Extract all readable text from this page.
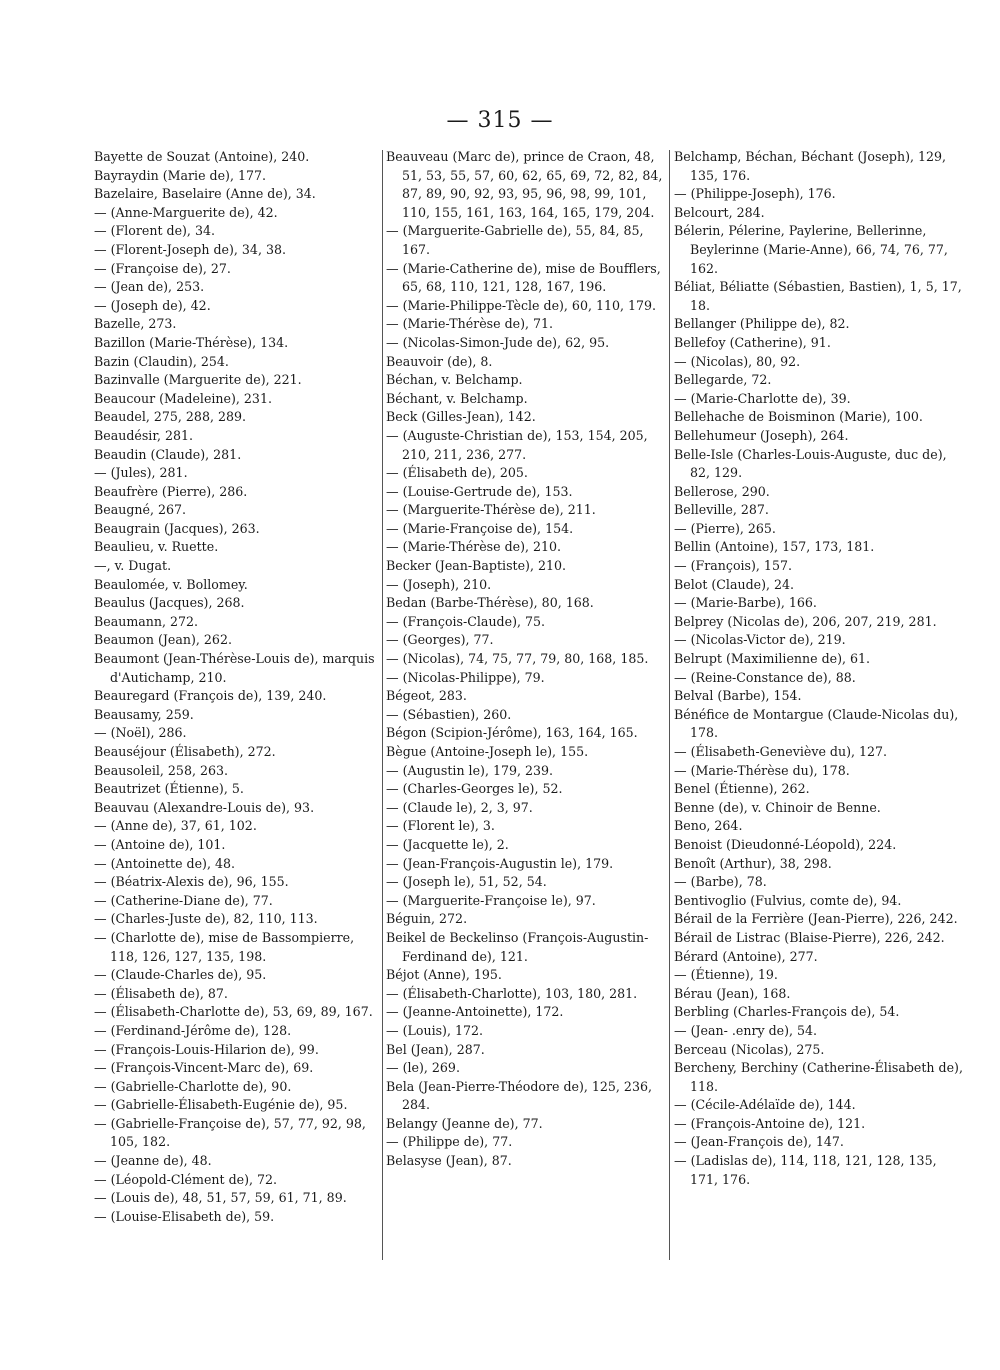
— 315 —

Bayette de Souzat (Antoine), 240.

Bayraydin (Marie de), 177.

Bazelaire, Baselaire (Anne de), 34.

— (Anne-Marguerite de), 42.

— (Florent de), 34.

— (Florent-Joseph de), 34, 38.

— (Françoise de), 27.

— (Jean de), 253.

— (Joseph de), 42.

Bazelle, 273.

Bazillon (Marie-Thérèse), 134.

Bazin (Claudin), 254.

Bazinvalle (Marguerite de), 221.

Beaucour (Madeleine), 231.

Beaudel, 275, 288, 289.

Beaudésir, 281.

Beaudin (Claude), 281.

— (Jules), 281.

Beaufrère (Pierre), 286.

Beaugné, 267.

Beaugrain (Jacques), 263.

Beaulieu, v. Ruette.

—, v. Dugat.

Beaulomée, v. Bollomey.

Beaulus (Jacques), 268.

Beaumann, 272.

Beaumon (Jean), 262.

Beaumont (Jean-Thérèse-Louis de), marquis d'Autichamp, 210.

Beauregard (François de), 139, 240.

Beausamy, 259.

— (Noël), 286.

Beauséjour (Élisabeth), 272.

Beausoleil, 258, 263.

Beautrizet (Étienne), 5.

Beauvau (Alexandre-Louis de), 93.

— (Anne de), 37, 61, 102.

— (Antoine de), 101.

— (Antoinette de), 48.

— (Béatrix-Alexis de), 96, 155.

— (Catherine-Diane de), 77.

— (Charles-Juste de), 82, 110, 113.

— (Charlotte de), mise de Bassompierre, 118, 126, 127, 135, 198.

— (Claude-Charles de), 95.

— (Élisabeth de), 87.

— (Élisabeth-Charlotte de), 53, 69, 89, 167.

— (Ferdinand-Jérôme de), 128.

— (François-Louis-Hilarion de), 99.

— (François-Vincent-Marc de), 69.

— (Gabrielle-Charlotte de), 90.

— (Gabrielle-Élisabeth-Eugénie de), 95.

— (Gabrielle-Françoise de), 57, 77, 92, 98, 105, 182.

— (Jeanne de), 48.

— (Léopold-Clément de), 72.

— (Louis de), 48, 51, 57, 59, 61, 71, 89.

— (Louise-Elisabeth de), 59.

Beauveau (Marc de), prince de Craon, 48, 51, 53, 55, 57, 60, 62, 65, 69, 72, 82, 84, 87, 89, 90, 92, 93, 95, 96, 98, 99, 101, 110, 155, 161, 163, 164, 165, 179, 204.

— (Marguerite-Gabrielle de), 55, 84, 85, 167.

— (Marie-Catherine de), mise de Boufflers, 65, 68, 110, 121, 128, 167, 196.

— (Marie-Philippe-Tècle de), 60, 110, 179.

— (Marie-Thérèse de), 71.

— (Nicolas-Simon-Jude de), 62, 95.

Beauvoir (de), 8.

Béchan, v. Belchamp.

Béchant, v. Belchamp.

Beck (Gilles-Jean), 142.

— (Auguste-Christian de), 153, 154, 205, 210, 211, 236, 277.

— (Élisabeth de), 205.

— (Louise-Gertrude de), 153.

— (Marguerite-Thérèse de), 211.

— (Marie-Françoise de), 154.

— (Marie-Thérèse de), 210.

Becker (Jean-Baptiste), 210.

— (Joseph), 210.

Bedan (Barbe-Thérèse), 80, 168.

— (François-Claude), 75.

— (Georges), 77.

— (Nicolas), 74, 75, 77, 79, 80, 168, 185.

— (Nicolas-Philippe), 79.

Bégeot, 283.

— (Sébastien), 260.

Bégon (Scipion-Jérôme), 163, 164, 165.

Bègue (Antoine-Joseph le), 155.

— (Augustin le), 179, 239.

— (Charles-Georges le), 52.

— (Claude le), 2, 3, 97.

— (Florent le), 3.

— (Jacquette le), 2.

— (Jean-François-Augustin le), 179.

— (Joseph le), 51, 52, 54.

— (Marguerite-Françoise le), 97.

Béguin, 272.

Beikel de Beckelinso (François-Augustin-Ferdinand de), 121.

Béjot (Anne), 195.

— (Élisabeth-Charlotte), 103, 180, 281.

— (Jeanne-Antoinette), 172.

— (Louis), 172.

Bel (Jean), 287.

— (le), 269.

Bela (Jean-Pierre-Théodore de), 125, 236, 284.

Belangy (Jeanne de), 77.

— (Philippe de), 77.

Belasyse (Jean), 87.

Belchamp, Béchan, Béchant (Joseph), 129, 135, 176.

— (Philippe-Joseph), 176.

Belcourt, 284.

Bélerin, Pélerine, Paylerine, Bellerinne, Beylerinne (Marie-Anne), 66, 74, 76, 77, 162.

Béliat, Béliatte (Sébastien, Bastien), 1, 5, 17, 18.

Bellanger (Philippe de), 82.

Bellefoy (Catherine), 91.

— (Nicolas), 80, 92.

Bellegarde, 72.

— (Marie-Charlotte de), 39.

Bellehache de Boisminon (Marie), 100.

Bellehumeur (Joseph), 264.

Belle-Isle (Charles-Louis-Auguste, duc de), 82, 129.

Bellerose, 290.

Belleville, 287.

— (Pierre), 265.

Bellin (Antoine), 157, 173, 181.

— (François), 157.

Belot (Claude), 24.

— (Marie-Barbe), 166.

Belprey (Nicolas de), 206, 207, 219, 281.

— (Nicolas-Victor de), 219.

Belrupt (Maximilienne de), 61.

— (Reine-Constance de), 88.

Belval (Barbe), 154.

Bénéfice de Montargue (Claude-Nicolas du), 178.

— (Élisabeth-Geneviève du), 127.

— (Marie-Thérèse du), 178.

Benel (Étienne), 262.

Benne (de), v. Chinoir de Benne.

Beno, 264.

Benoist (Dieudonné-Léopold), 224.

Benoît (Arthur), 38, 298.

— (Barbe), 78.

Bentivoglio (Fulvius, comte de), 94.

Bérail de la Ferrière (Jean-Pierre), 226, 242.

Bérail de Listrac (Blaise-Pierre), 226, 242.

Bérard (Antoine), 277.

— (Étienne), 19.

Bérau (Jean), 168.

Berbling (Charles-François de), 54.

— (Jean- .enry de), 54.

Berceau (Nicolas), 275.

Bercheny, Berchiny (Catherine-Élisabeth de), 118.

— (Cécile-Adélaïde de), 144.

— (François-Antoine de), 121.

— (Jean-François de), 147.

— (Ladislas de), 114, 118, 121, 128, 135, 171, 176.
